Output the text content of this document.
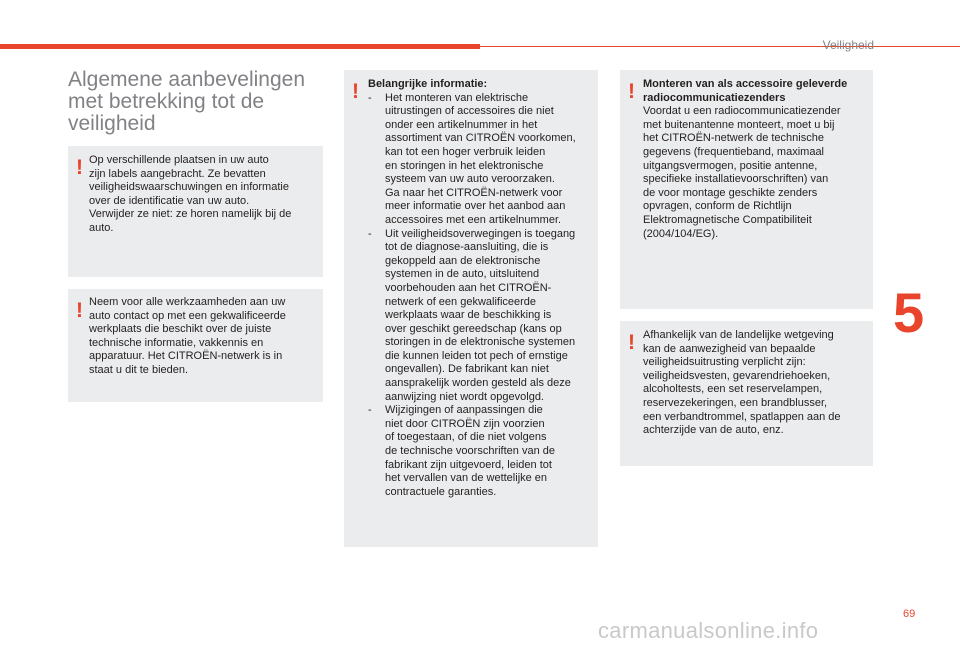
Veiligheid
Algemene aanbevelingen
met betrekking tot de
veiligheid
! Op verschillende plaatsen in uw auto
zijn labels aangebracht. Ze bevatten
veiligheidswaarschuwingen en informatie
over de identificatie van uw auto.
Verwijder ze niet: ze horen namelijk bij de
auto.
! Neem voor alle werkzaamheden aan uw
auto contact op met een gekwalificeerde
werkplaats die beschikt over de juiste
technische informatie, vakkennis en
apparatuur. Het CITROËN-netwerk is in
staat u dit te bieden.
! Belangrijke informatie:
- Het monteren van elektrische
uitrustingen of accessoires die niet
onder een artikelnummer in het
assortiment van CITROËN voorkomen,
kan tot een hoger verbruik leiden
en storingen in het elektronische
systeem van uw auto veroorzaken.
Ga naar het CITROËN-netwerk voor
meer informatie over het aanbod aan
accessoires met een artikelnummer.
- Uit veiligheidsoverwegingen is toegang
tot de diagnose-aansluiting, die is
gekoppeld aan de elektronische
systemen in de auto, uitsluitend
voorbehouden aan het CITROËN-
netwerk of een gekwalificeerde
werkplaats waar de beschikking is
over geschikt gereedschap (kans op
storingen in de elektronische systemen
die kunnen leiden tot pech of ernstige
ongevallen). De fabrikant kan niet
aansprakelijk worden gesteld als deze
aanwijzing niet wordt opgevolgd.
- Wijzigingen of aanpassingen die
niet door CITROËN zijn voorzien
of toegestaan, of die niet volgens
de technische voorschriften van de
fabrikant zijn uitgevoerd, leiden tot
het vervallen van de wettelijke en
contractuele garanties.
! Monteren van als accessoire geleverde
radiocommunicatiezenders
Voordat u een radiocommunicatiezender
met buitenantenne monteert, moet u bij
het CITROËN-netwerk de technische
gegevens (frequentieband, maximaal
uitgangsvermogen, positie antenne,
specifieke installatievoorschriften) van
de voor montage geschikte zenders
opvragen, conform de Richtlijn
Elektromagnetische Compatibiliteit
(2004/104/EG).
! Afhankelijk van de landelijke wetgeving
kan de aanwezigheid van bepaalde
veiligheidsuitrusting verplicht zijn:
veiligheidsvesten, gevarendriehoeken,
alcoholtests, een set reservelampen,
reservezekeringen, een brandblusser,
een verbandtrommel, spatlappen aan de
achterzijde van de auto, enz.
5
69
carmanualsonline.info
